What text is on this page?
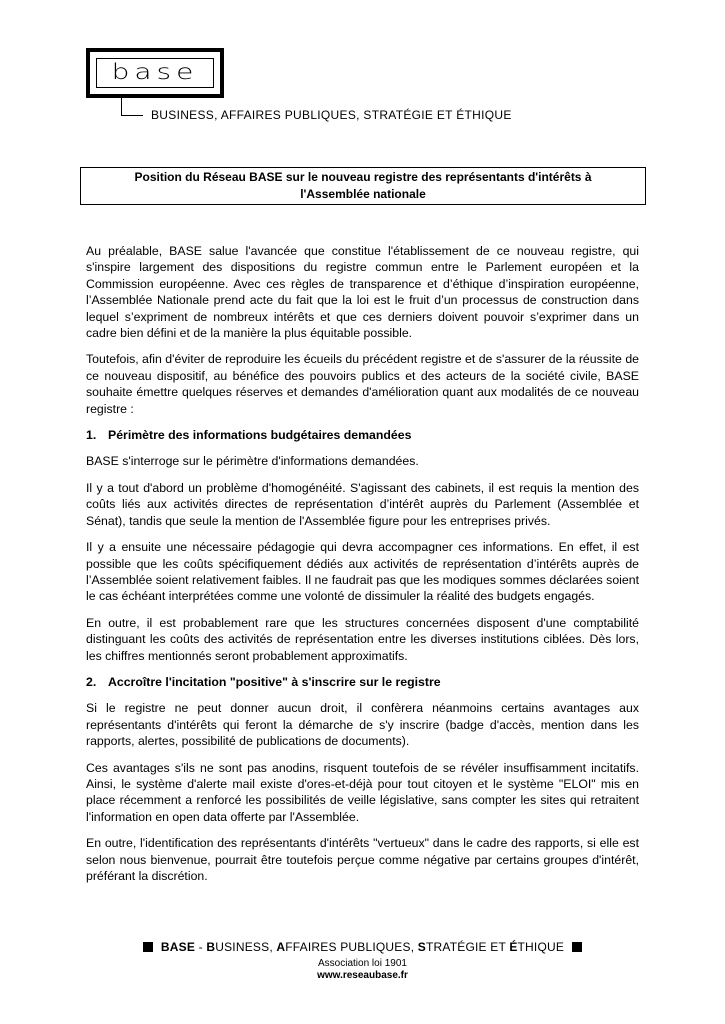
base
BUSINESS, AFFAIRES PUBLIQUES, STRATÉGIE ET ÉTHIQUE
Position du Réseau BASE sur le nouveau registre des représentants d'intérêts à l'Assemblée nationale

Au préalable, BASE salue l'avancée que constitue l'établissement de ce nouveau registre, qui s'inspire largement des dispositions du registre commun entre le Parlement européen et la Commission européenne. Avec ces règles de transparence et d’éthique d’inspiration européenne, l’Assemblée Nationale prend acte du fait que la loi est le fruit d’un processus de construction dans lequel s’expriment de nombreux intérêts et que ces derniers doivent pouvoir s’exprimer dans un cadre bien défini et de la manière la plus équitable possible.

Toutefois, afin d'éviter de reproduire les écueils du précédent registre et de s'assurer de la réussite de ce nouveau dispositif, au bénéfice des pouvoirs publics et des acteurs de la société civile, BASE souhaite émettre quelques réserves et demandes d'amélioration quant aux modalités de ce nouveau registre :

1. Périmètre des informations budgétaires demandées

BASE s'interroge sur le périmètre d'informations demandées.

Il y a tout d'abord un problème d'homogénéité. S'agissant des cabinets, il est requis la mention des coûts liés aux activités directes de représentation d’intérêt auprès du Parlement (Assemblée et Sénat), tandis que seule la mention de l'Assemblée figure pour les entreprises privés.

Il y a ensuite une nécessaire pédagogie qui devra accompagner ces informations. En effet, il est possible que les coûts spécifiquement dédiés aux activités de représentation d’intérêts auprès de l’Assemblée soient relativement faibles. Il ne faudrait pas que les modiques sommes déclarées soient le cas échéant interprétées comme une volonté de dissimuler la réalité des budgets engagés.

En outre, il est probablement rare que les structures concernées disposent d'une comptabilité distinguant les coûts des activités de représentation entre les diverses institutions ciblées. Dès lors, les chiffres mentionnés seront probablement approximatifs.

2. Accroître l'incitation "positive" à s'inscrire sur le registre

Si le registre ne peut donner aucun droit, il confèrera néanmoins certains avantages aux représentants d'intérêts qui feront la démarche de s'y inscrire (badge d'accès, mention dans les rapports, alertes, possibilité de publications de documents).

Ces avantages s'ils ne sont pas anodins, risquent toutefois de se révéler insuffisamment incitatifs. Ainsi, le système d'alerte mail existe d'ores-et-déjà pour tout citoyen et le système "ELOI" mis en place récemment a renforcé les possibilités de veille législative, sans compter les sites qui retraitent l'information en open data offerte par l'Assemblée.

En outre, l'identification des représentants d'intérêts "vertueux" dans le cadre des rapports, si elle est selon nous bienvenue, pourrait être toutefois perçue comme négative par certains groupes d'intérêt, préférant la discrétion.

BASE - BUSINESS, AFFAIRES PUBLIQUES, STRATÉGIE ET ÉTHIQUE
Association loi 1901
www.reseaubase.fr
